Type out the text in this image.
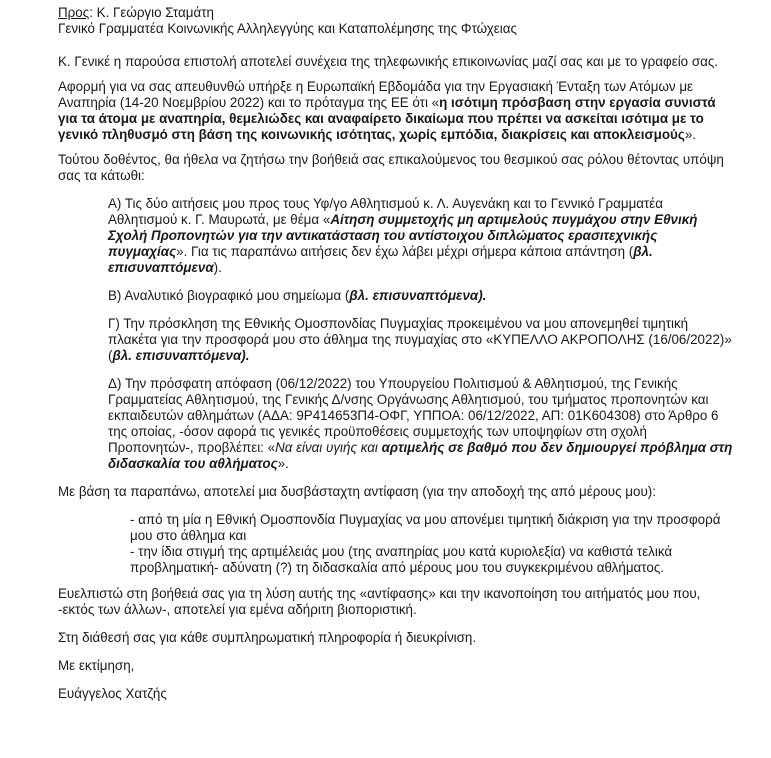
Προς: Κ. Γεώργιο Σταμάτη

Γενικό Γραμματέα Κοινωνικής Αλληλεγγύης και Καταπολέμησης της Φτώχειας

Κ. Γενικέ η παρούσα επιστολή αποτελεί συνέχεια της τηλεφωνικής επικοινωνίας μαζί σας και με το γραφείο σας.

Αφορμή για να σας απευθυνθώ υπήρξε η Ευρωπαϊκή Εβδομάδα για την Εργασιακή Ένταξη των Ατόμων με Αναπηρία (14-20 Νοεμβρίου 2022) και το πρόταγμα της ΕΕ ότι «η ισότιμη πρόσβαση στην εργασία συνιστά για τα άτομα με αναπηρία, θεμελιώδες και αναφαίρετο δικαίωμα που πρέπει να ασκείται ισότιμα με το γενικό πληθυσμό στη βάση της κοινωνικής ισότητας, χωρίς εμπόδια, διακρίσεις και αποκλεισμούς».

Τούτου δοθέντος, θα ήθελα να ζητήσω την βοήθειά σας επικαλούμενος του θεσμικού σας ρόλου θέτοντας υπόψη σας τα κάτωθι:

Α) Τις δύο αιτήσεις μου προς τους Υφ/γο Αθλητισμού κ. Λ. Αυγενάκη και το Γεννικό Γραμματέα Αθλητισμού κ. Γ. Μαυρωτά, με θέμα «Αίτηση συμμετοχής μη αρτιμελούς πυγμάχου στην Εθνική Σχολή Προπονητών για την αντικατάσταση του αντίστοιχου διπλώματος ερασιτεχνικής πυγμαχίας». Για τις παραπάνω αιτήσεις δεν έχω λάβει μέχρι σήμερα κάποια απάντηση (βλ. επισυναπτόμενα).

Β) Αναλυτικό βιογραφικό μου σημείωμα (βλ. επισυναπτόμενα).

Γ) Την πρόσκληση της Εθνικής Ομοσπονδίας Πυγμαχίας προκειμένου να μου απονεμηθεί τιμητική πλακέτα για την προσφορά μου στο άθλημα της πυγμαχίας στο «ΚΥΠΕΛΛΟ ΑΚΡΟΠΟΛΗΣ (16/06/2022)» (βλ. επισυναπτόμενα).

Δ) Την πρόσφατη απόφαση (06/12/2022) του Υπουργείου Πολιτισμού & Αθλητισμού, της Γενικής Γραμματείας Αθλητισμού, της Γενικής Δ/νσης Οργάνωσης Αθλητισμού, του τμήματος προπονητών και εκπαιδευτών αθλημάτων (ΑΔΑ: 9Ρ414653Π4-ΟΦΓ, ΥΠΠΟΑ: 06/12/2022, ΑΠ: 01Κ604308) στο Άρθρο 6 της οποίας, -όσον αφορά τις γενικές προϋποθέσεις συμμετοχής των υποψηφίων στη σχολή Προπονητών-, προβλέπει: «Να είναι υγιής και αρτιμελής σε βαθμό που δεν δημιουργεί πρόβλημα στη διδασκαλία του αθλήματος».

Με βάση τα παραπάνω, αποτελεί μια δυσβάσταχτη αντίφαση (για την αποδοχή της από μέρους μου):

- από τη μία η Εθνική Ομοσπονδία Πυγμαχίας να μου απονέμει τιμητική διάκριση για την προσφορά μου στο άθλημα και

- την ίδια στιγμή της αρτιμέλειάς μου (της αναπηρίας μου κατά κυριολεξία) να καθιστά τελικά προβληματική- αδύνατη (?) τη διδασκαλία από μέρους μου του συγκεκριμένου αθλήματος.

Ευελπιστώ στη βοήθειά σας για τη λύση αυτής της «αντίφασης» και την ικανοποίηση του αιτήματός μου που, -εκτός των άλλων-, αποτελεί για εμένα αδήριτη βιοποριστική.

Στη διάθεσή σας για κάθε συμπληρωματική πληροφορία ή διευκρίνιση.

Με εκτίμηση,

Ευάγγελος Χατζής
